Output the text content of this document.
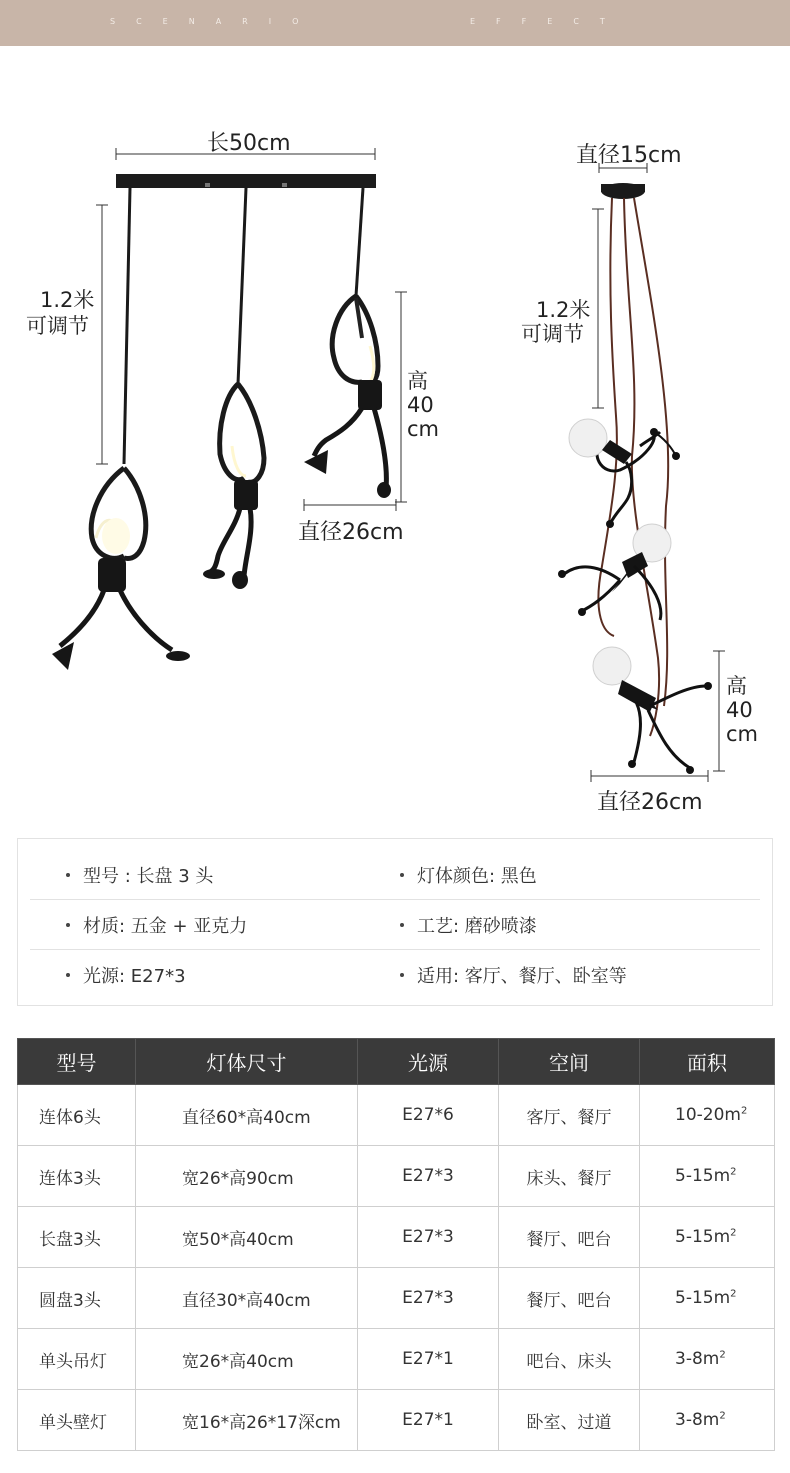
SCENARIO	EFFECT
长50cm
1.2米
可调节
高
40
cm
直径26cm
直径15cm
1.2米
可调节
高
40
cm
直径26cm
型号 : 长盘 3 头	灯体颜色: 黑色
材质: 五金 + 亚克力	工艺: 磨砂喷漆
光源: E27*3	适用: 客厅、餐厅、卧室等
型号	灯体尺寸	光源	空间	面积
连体6头	直径60*高40cm	E27*6	客厅、餐厅	$10-20m^2$
连体3头	宽26*高90cm	E27*3	床头、餐厅	$5-15m^2$
长盘3头	宽50*高40cm	E27*3	餐厅、吧台	$5-15m^2$
圆盘3头	直径30*高40cm	E27*3	餐厅、吧台	$5-15m^2$
单头吊灯	宽26*高40cm	E27*1	吧台、床头	$3-8m^2$
单头壁灯	宽16*高26*17深cm	E27*1	卧室、过道	$3-8m^2$
